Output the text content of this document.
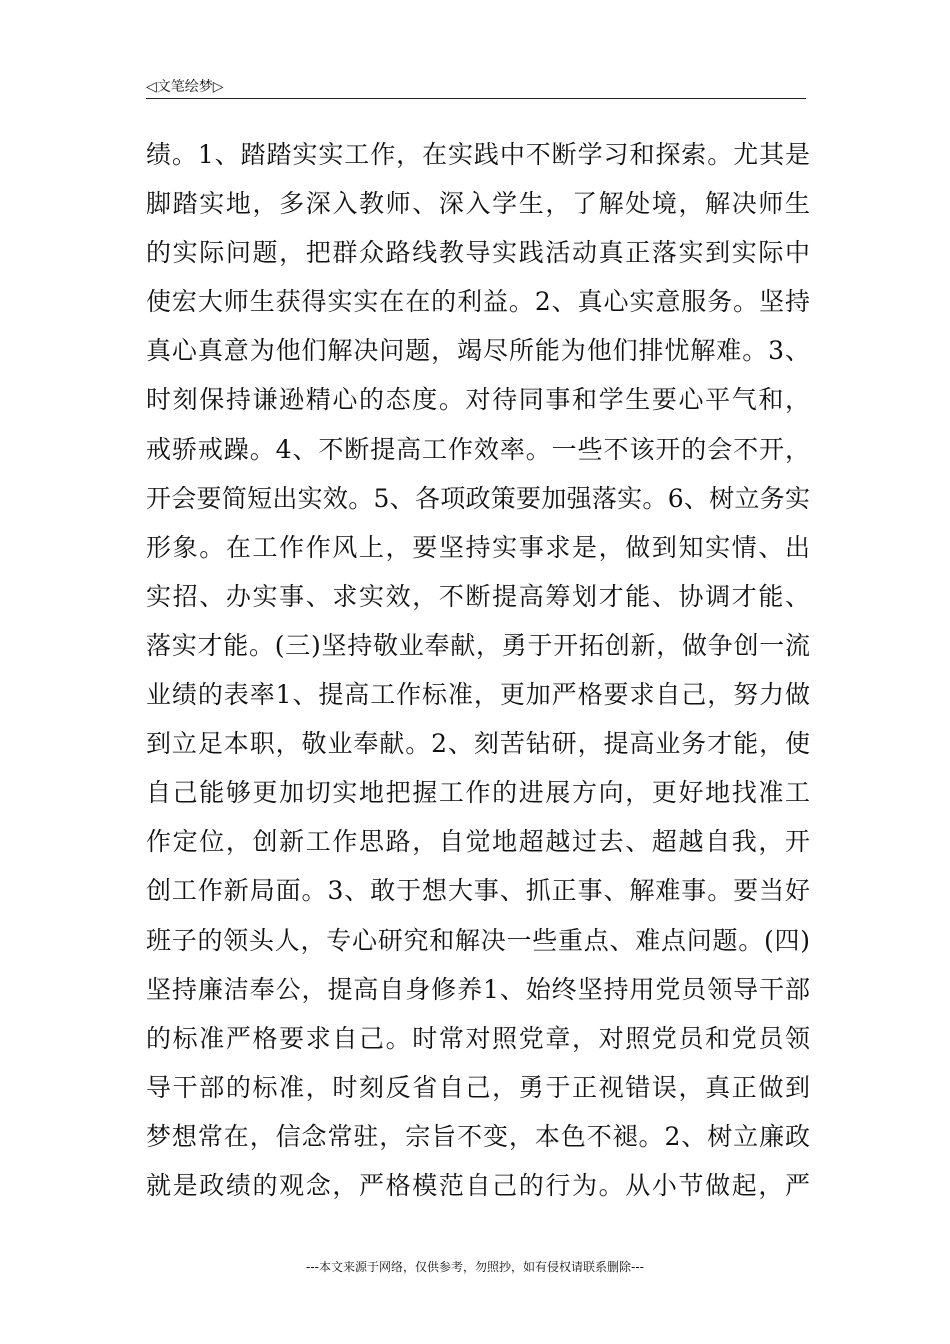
◁文笔绘梦▷
绩。1、踏踏实实工作，在实践中不断学习和探索。尤其是
脚踏实地，多深入教师、深入学生，了解处境，解决师生
的实际问题，把群众路线教导实践活动真正落实到实际中
使宏大师生获得实实在在的利益。2、真心实意服务。坚持
真心真意为他们解决问题，竭尽所能为他们排忧解难。3、
时刻保持谦逊精心的态度。对待同事和学生要心平气和，
戒骄戒躁。4、不断提高工作效率。一些不该开的会不开，
开会要简短出实效。5、各项政策要加强落实。6、树立务实
形象。在工作作风上，要坚持实事求是，做到知实情、出
实招、办实事、求实效，不断提高筹划才能、协调才能、
落实才能。(三)坚持敬业奉献，勇于开拓创新，做争创一流
业绩的表率1、提高工作标准，更加严格要求自己，努力做
到立足本职，敬业奉献。2、刻苦钻研，提高业务才能，使
自己能够更加切实地把握工作的进展方向，更好地找准工
作定位，创新工作思路，自觉地超越过去、超越自我，开
创工作新局面。3、敢于想大事、抓正事、解难事。要当好
班子的领头人，专心研究和解决一些重点、难点问题。(四)
坚持廉洁奉公，提高自身修养1、始终坚持用党员领导干部
的标准严格要求自己。时常对照党章，对照党员和党员领
导干部的标准，时刻反省自己，勇于正视错误，真正做到
梦想常在，信念常驻，宗旨不变，本色不褪。2、树立廉政
就是政绩的观念，严格模范自己的行为。从小节做起，严
---本文来源于网络，仅供参考，勿照抄，如有侵权请联系删除---
